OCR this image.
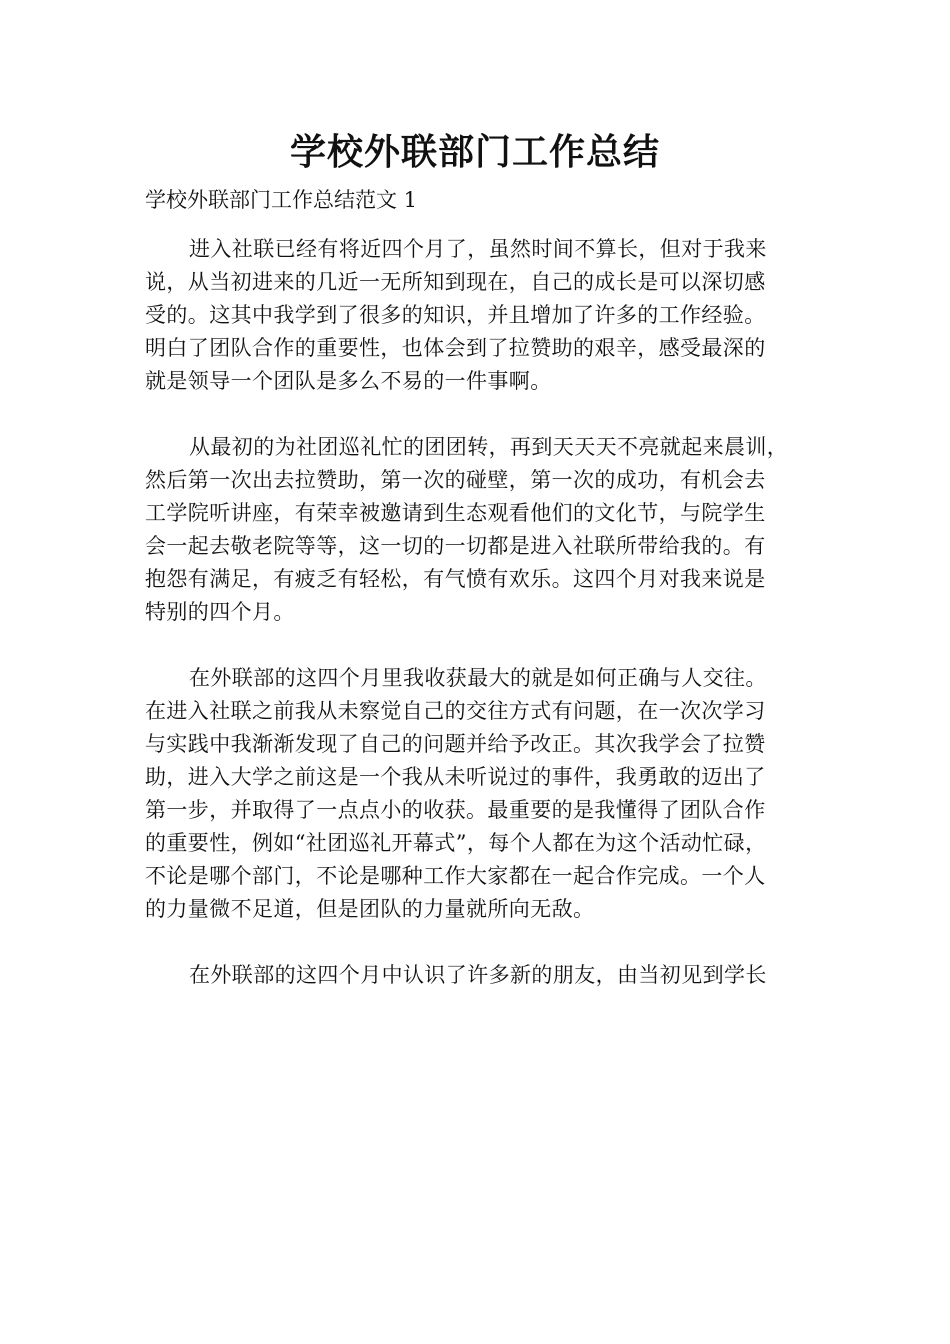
学校外联部门工作总结

学校外联部门工作总结范文 1

进入社联已经有将近四个月了，虽然时间不算长，但对于我来
说，从当初进来的几近一无所知到现在，自己的成长是可以深切感
受的。这其中我学到了很多的知识，并且增加了许多的工作经验。
明白了团队合作的重要性，也体会到了拉赞助的艰辛，感受最深的
就是领导一个团队是多么不易的一件事啊。
从最初的为社团巡礼忙的团团转，再到天天天不亮就起来晨训，
然后第一次出去拉赞助，第一次的碰壁，第一次的成功，有机会去
工学院听讲座，有荣幸被邀请到生态观看他们的文化节，与院学生
会一起去敬老院等等，这一切的一切都是进入社联所带给我的。有
抱怨有满足，有疲乏有轻松，有气愤有欢乐。这四个月对我来说是
特别的四个月。
在外联部的这四个月里我收获最大的就是如何正确与人交往。
在进入社联之前我从未察觉自己的交往方式有问题，在一次次学习
与实践中我渐渐发现了自己的问题并给予改正。其次我学会了拉赞
助，进入大学之前这是一个我从未听说过的事件，我勇敢的迈出了
第一步，并取得了一点点小的收获。最重要的是我懂得了团队合作
的重要性，例如“社团巡礼开幕式”，每个人都在为这个活动忙碌，
不论是哪个部门，不论是哪种工作大家都在一起合作完成。一个人
的力量微不足道，但是团队的力量就所向无敌。
在外联部的这四个月中认识了许多新的朋友，由当初见到学长
